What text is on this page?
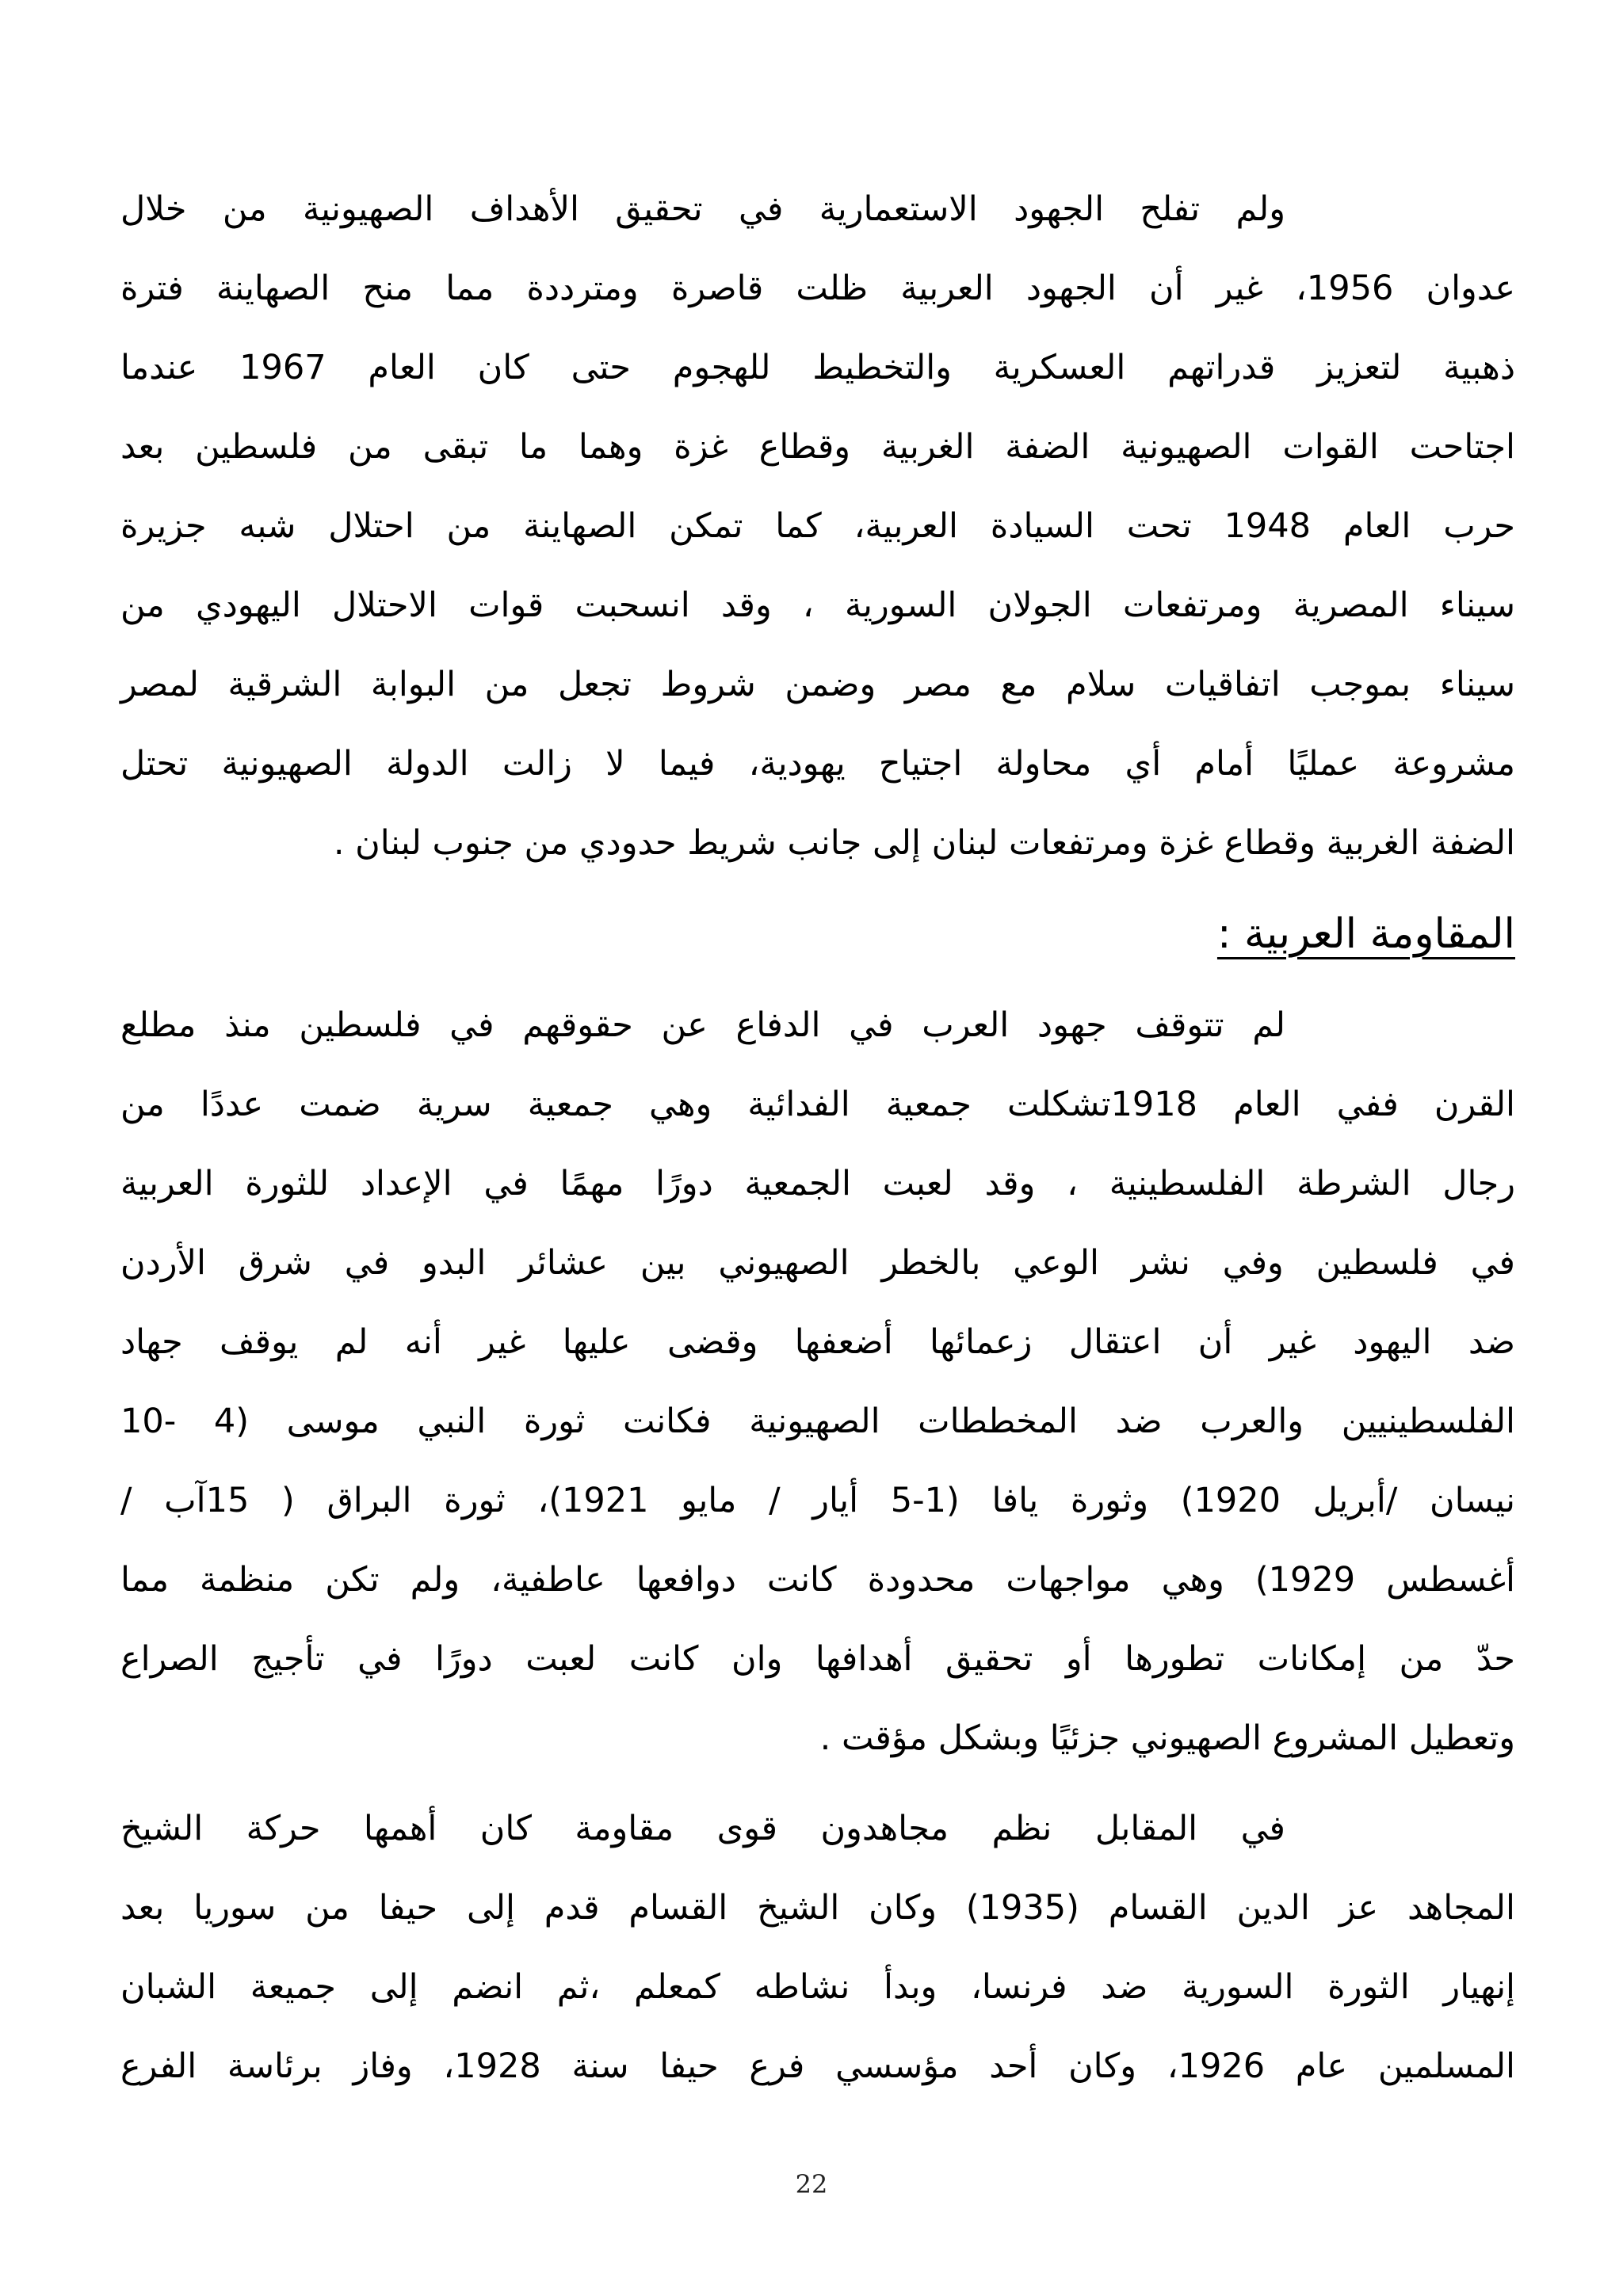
ولم تفلح الجهود الاستعمارية في تحقيق الأهداف الصهيونية من خلال
عدوان 1956، غير أن الجهود العربية ظلت قاصرة ومترددة مما منح الصهاينة فترة
ذهبية لتعزيز قدراتهم العسكرية والتخطيط للهجوم حتى كان العام 1967 عندما
اجتاحت القوات الصهيونية الضفة الغربية وقطاع غزة وهما ما تبقى من فلسطين بعد
حرب العام 1948 تحت السيادة العربية، كما تمكن الصهاينة من احتلال شبه جزيرة
سيناء المصرية ومرتفعات الجولان السورية ، وقد انسحبت قوات الاحتلال اليهودي من
سيناء بموجب اتفاقيات سلام مع مصر وضمن شروط تجعل من البوابة الشرقية لمصر
مشروعة عمليًا أمام أي محاولة اجتياح يهودية، فيما لا زالت الدولة الصهيونية تحتل
الضفة الغربية وقطاع غزة ومرتفعات لبنان إلى جانب شريط حدودي من جنوب لبنان .
المقاومة العربية :
لم تتوقف جهود العرب في الدفاع عن حقوقهم في فلسطين منذ مطلع
القرن ففي العام 1918تشكلت جمعية الفدائية وهي جمعية سرية ضمت عددًا من
رجال الشرطة الفلسطينية ، وقد لعبت الجمعية دورًا مهمًا في الإعداد للثورة العربية
في فلسطين وفي نشر الوعي بالخطر الصهيوني بين عشائر البدو في شرق الأردن
ضد اليهود غير أن اعتقال زعمائها أضعفها وقضى عليها غير أنه لم يوقف جهاد
الفلسطينيين والعرب ضد المخططات الصهيونية فكانت ثورة النبي موسى (4 -10
نيسان /أبريل 1920) وثورة يافا (1-5 أيار / مايو 1921)، ثورة البراق ( 15آب /
أغسطس 1929) وهي مواجهات محدودة كانت دوافعها عاطفية، ولم تكن منظمة مما
حدّ من إمكانات تطورها أو تحقيق أهدافها وان كانت لعبت دورًا في تأجيج الصراع
وتعطيل المشروع الصهيوني جزئيًا وبشكل مؤقت .
في المقابل نظم مجاهدون قوى مقاومة كان أهمها حركة الشيخ
المجاهد عز الدين القسام (1935) وكان الشيخ القسام قدم إلى حيفا من سوريا بعد
إنهيار الثورة السورية ضد فرنسا، وبدأ نشاطه كمعلم ،ثم انضم إلى جميعة الشبان
المسلمين عام 1926، وكان أحد مؤسسي فرع حيفا سنة 1928، وفاز برئاسة الفرع
22
